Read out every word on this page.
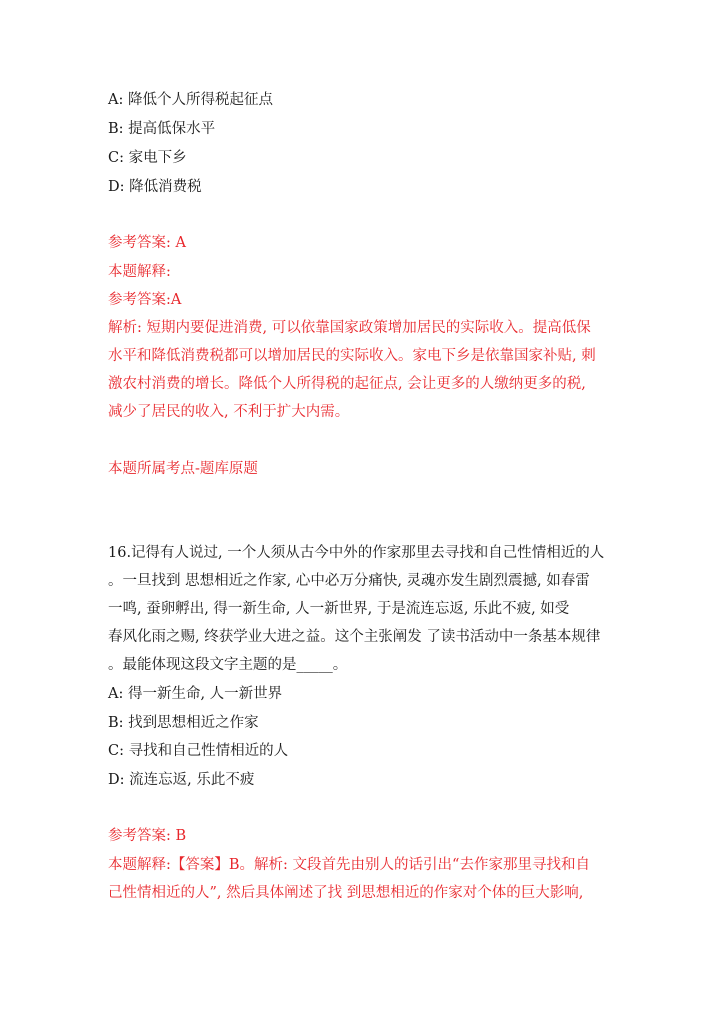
A: 降低个人所得税起征点
B: 提高低保水平
C: 家电下乡
D: 降低消费税
参考答案: A
本题解释:
参考答案:A
解析: 短期内要促进消费, 可以依靠国家政策增加居民的实际收入。提高低保
水平和降低消费税都可以增加居民的实际收入。家电下乡是依靠国家补贴, 刺
激农村消费的增长。降低个人所得税的起征点, 会让更多的人缴纳更多的税,
减少了居民的收入, 不利于扩大内需。
本题所属考点-题库原题
16.记得有人说过, 一个人须从古今中外的作家那里去寻找和自己性情相近的人
。一旦找到 思想相近之作家, 心中必万分痛快, 灵魂亦发生剧烈震撼, 如春雷
一鸣, 蚕卵孵出, 得一新生命, 人一新世界, 于是流连忘返, 乐此不疲, 如受
春风化雨之赐, 终获学业大进之益。这个主张阐发 了读书活动中一条基本规律
。最能体现这段文字主题的是_____。
A: 得一新生命, 人一新世界
B: 找到思想相近之作家
C: 寻找和自己性情相近的人
D: 流连忘返, 乐此不疲
参考答案: B
本题解释:【答案】B。解析: 文段首先由别人的话引出“去作家那里寻找和自
己性情相近的人”, 然后具体阐述了找 到思想相近的作家对个体的巨大影响,
